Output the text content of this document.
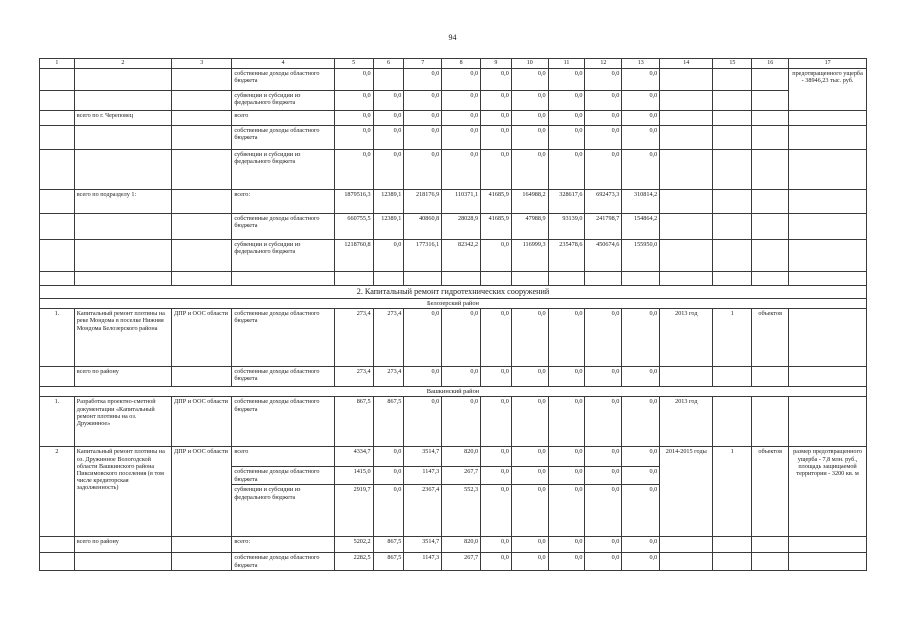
94
1	2	3	4	5	6	7	8	9	10	11	12	13	14	15	16	17
			собственные доходы областного бюджета	0,0		0,0	0,0	0,0	0,0	0,0	0,0	0,0				предотвращенного ущерба - 38946,23 тыс. руб.
			субвенции и субсидии из федерального бюджета	0,0	0,0	0,0	0,0	0,0	0,0	0,0	0,0	0,0				
	всего по г. Череповец		всего	0,0	0,0	0,0	0,0	0,0	0,0	0,0	0,0	0,0				
			собственные доходы областного бюджета	0,0	0,0	0,0	0,0	0,0	0,0	0,0	0,0	0,0				
			субвенции и субсидии из федерального бюджета	0,0	0,0	0,0	0,0	0,0	0,0	0,0	0,0	0,0				
	всего по подразделу 1:		всего:	1879516,3	12389,1	218176,9	110371,1	41685,9	164988,2	328617,6	692473,3	310814,2				
			собственные доходы областного бюджета	660755,5	12389,1	40860,8	28028,9	41685,9	47988,9	93139,0	241798,7	154864,2				
			субвенции и субсидии из федерального бюджета	1218760,8	0,0	177316,1	82342,2	0,0	116999,3	235478,6	450674,6	155950,0				

2. Капитальный ремонт гидротехнических сооружений																
Белозерский район																
1.	Капитальный ремонт плотины на реке Мондома в поселке Нижняя Мондома Белозерского района	ДПР и ООС области	собственные доходы областного бюджета	273,4	273,4	0,0	0,0	0,0	0,0	0,0	0,0	0,0	2013 год	1	объектов	
	всего по району		собственные доходы областного бюджета	273,4	273,4	0,0	0,0	0,0	0,0	0,0	0,0	0,0				
Вашкинский район																
1.	Разработка проектно-сметной документации «Капитальный ремонт плотины на оз. Дружинное»	ДПР и ООС области	собственные доходы областного бюджета	867,5	867,5	0,0	0,0	0,0	0,0	0,0	0,0	0,0	2013 год			
2	Капитальный ремонт плотины на оз. Дружинное Вологодской области Вашкинского района Пиксимовского поселения (в том числе кредиторская задолженность)	ДПР и ООС области	всего	4334,7	0,0	3514,7	820,0	0,0	0,0	0,0	0,0	0,0	2014-2015 годы	1	объектов	размер предотвращенного ущерба - 7,8 млн. руб., площадь защищаемой территории - 3200 кв. м
			собственные доходы областного бюджета	1415,0	0,0	1147,3	267,7	0,0	0,0	0,0	0,0	0,0				
			субвенции и субсидии из федерального бюджета	2919,7	0,0	2367,4	552,3	0,0	0,0	0,0	0,0	0,0				
	всего по району		всего:	5202,2	867,5	3514,7	820,0	0,0	0,0	0,0	0,0	0,0				
			собственные доходы областного бюджета	2282,5	867,5	1147,3	267,7	0,0	0,0	0,0	0,0	0,0				
